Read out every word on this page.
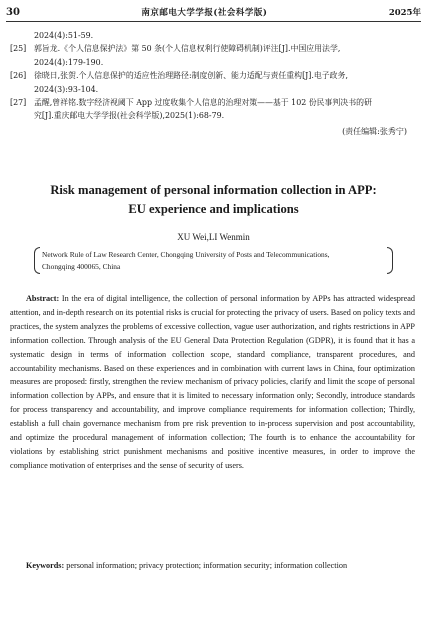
30	南京邮电大学学报(社会科学版)	2025年
2024(4):51-59.
[25] 郭旨龙.《个人信息保护法》第 50 条(个人信息权利行使障碍机制)评注[J].中国应用法学,
2024(4):179-190.
[26] 徐晓日,张贺.个人信息保护的适应性治理路径:制度创新、能力适配与责任重构[J].电子政务,
2024(3):93-104.
[27] 孟醒,曾祥铭.数字经济视阈下 App 过度收集个人信息的治理对策——基于 102 份民事判决书的研
究[J].重庆邮电大学学报(社会科学版),2025(1):68-79.
(责任编辑:张秀宁)
Risk management of personal information collection in APP:
EU experience and implications
XU Wei,LI Wenmin
Network Rule of Law Research Center, Chongqing University of Posts and Telecommunications,
Chongqing 400065, China
Abstract: In the era of digital intelligence, the collection of personal information by APPs has attracted widespread attention, and in-depth research on its potential risks is crucial for protecting the privacy of users. Based on policy texts and practices, the system analyzes the problems of excessive collection, vague user authorization, and rights restrictions in APP information collection. Through analysis of the EU General Data Protection Regulation (GDPR), it is found that it has a systematic design in terms of information collection scope, standard compliance, transparent procedures, and accountability mechanisms. Based on these experiences and in combination with current laws in China, four optimization measures are proposed: firstly, strengthen the review mechanism of privacy policies, clarify and limit the scope of personal information collection by APPs, and ensure that it is limited to necessary information only; Secondly, introduce standards for process transparency and accountability, and improve compliance requirements for information collection; Thirdly, establish a full chain governance mechanism from pre risk prevention to in-process supervision and post accountability, and optimize the procedural management of information collection; The fourth is to enhance the accountability for violations by establishing strict punishment mechanisms and positive incentive measures, in order to improve the compliance motivation of enterprises and the sense of security of users.
Keywords: personal information; privacy protection; information security; information collection
